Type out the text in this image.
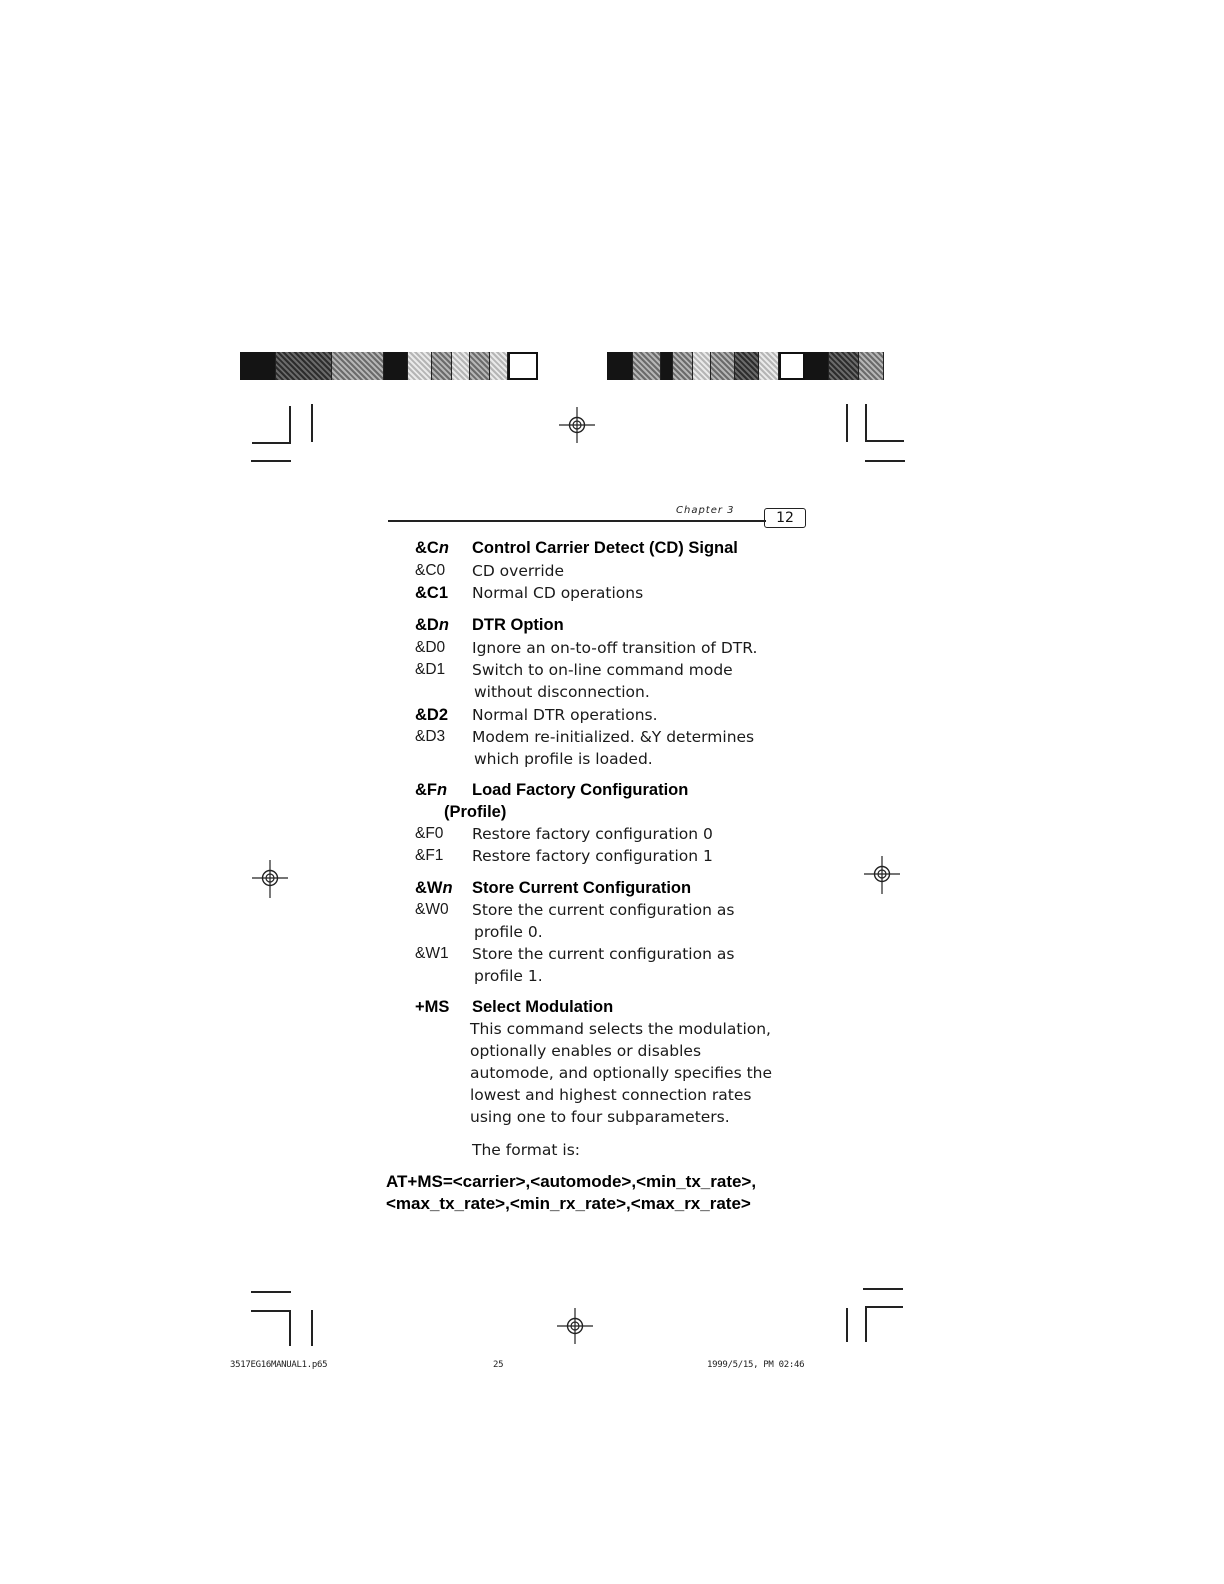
Chapter 3	12
&Cn Control Carrier Detect (CD) Signal
&C0 CD override
&C1 Normal CD operations
&Dn DTR Option
&D0 Ignore an on-to-off transition of DTR.
&D1 Switch to on-line command mode
without disconnection.
&D2 Normal DTR operations.
&D3 Modem re-initialized. &Y determines
which profile is loaded.
&Fn Load Factory Configuration
(Profile)
&F0 Restore factory configuration 0
&F1 Restore factory configuration 1
&Wn Store Current Configuration
&W0 Store the current configuration as
profile 0.
&W1 Store the current configuration as
profile 1.
+MS Select Modulation
This command selects the modulation,
optionally enables or disables
automode, and optionally specifies the
lowest and highest connection rates
using one to four subparameters.
The format is:
AT+MS=<carrier>,<automode>,<min_tx_rate>,
<max_tx_rate>,<min_rx_rate>,<max_rx_rate>
3517EG16MANUAL1.p65	25	1999/5/15, PM 02:46
